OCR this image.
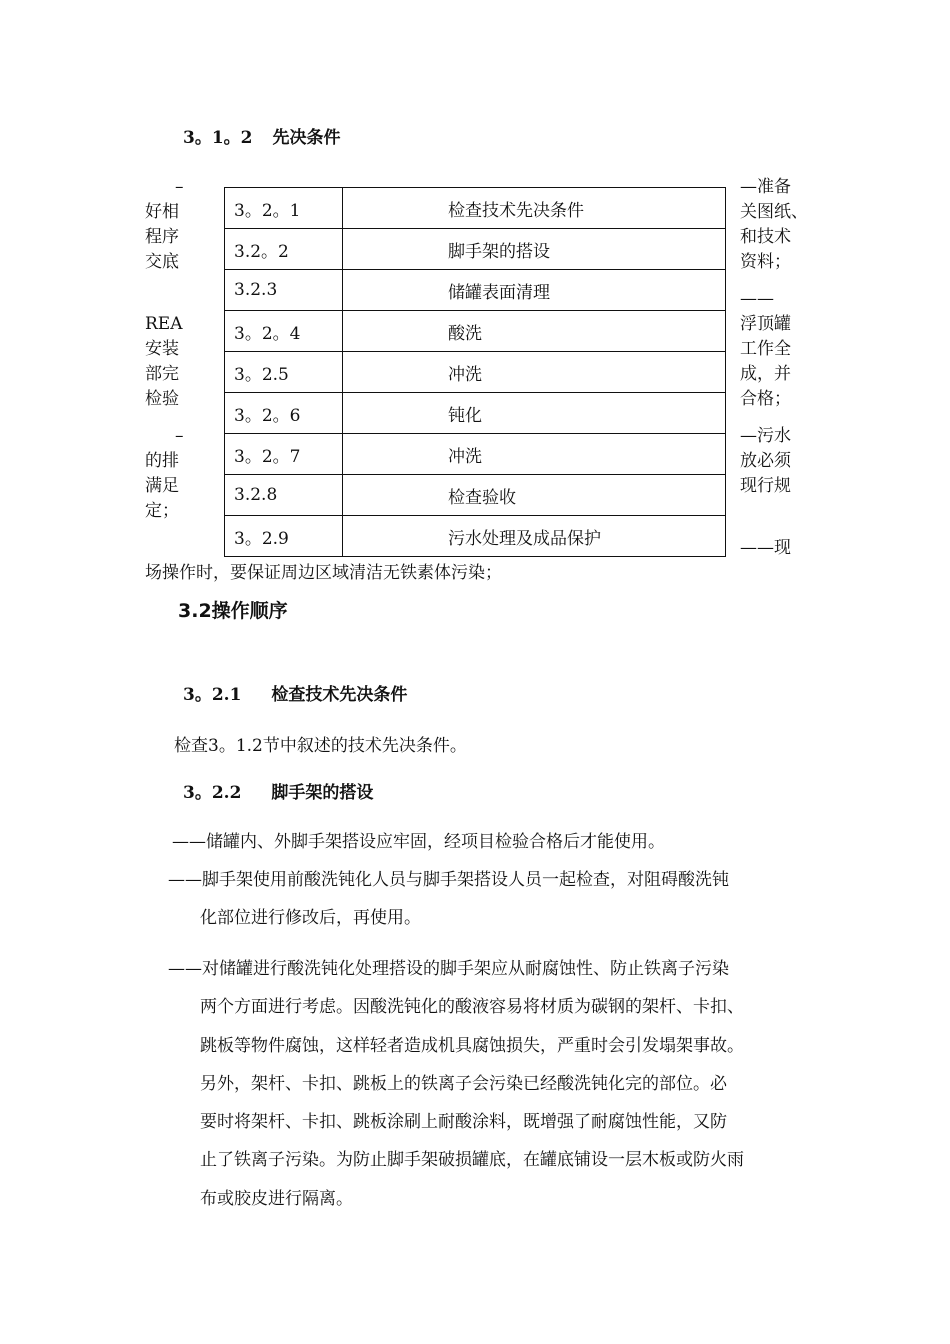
3。1。2 先决条件
–
好相
程序
交底
REA
安装
部完
检验
–
的排
满足
定；
—准备
关图纸、
和技术
资料；
——
浮顶罐
工作全
成，并
合格；
—污水
放必须
现行规
——现
3。2。1	检查技术先决条件
3.2。2	脚手架的搭设
3.2.3	储罐表面清理
3。2。4	酸洗
3。2.5	冲洗
3。2。6	钝化
3。2。7	冲洗
3.2.8	检查验收
3。2.9	污水处理及成品保护
场操作时，要保证周边区域清洁无铁素体污染；
3.2操作顺序
3。2.1 检查技术先决条件
检查3。1.2节中叙述的技术先决条件。
3。2.2 脚手架的搭设
——储罐内、外脚手架搭设应牢固，经项目检验合格后才能使用。
——脚手架使用前酸洗钝化人员与脚手架搭设人员一起检查，对阻碍酸洗钝
化部位进行修改后，再使用。
——对储罐进行酸洗钝化处理搭设的脚手架应从耐腐蚀性、防止铁离子污染
两个方面进行考虑。因酸洗钝化的酸液容易将材质为碳钢的架杆、卡扣、
跳板等物件腐蚀，这样轻者造成机具腐蚀损失，严重时会引发塌架事故。
另外，架杆、卡扣、跳板上的铁离子会污染已经酸洗钝化完的部位。必
要时将架杆、卡扣、跳板涂刷上耐酸涂料，既增强了耐腐蚀性能，又防
止了铁离子污染。为防止脚手架破损罐底，在罐底铺设一层木板或防火雨
布或胶皮进行隔离。
